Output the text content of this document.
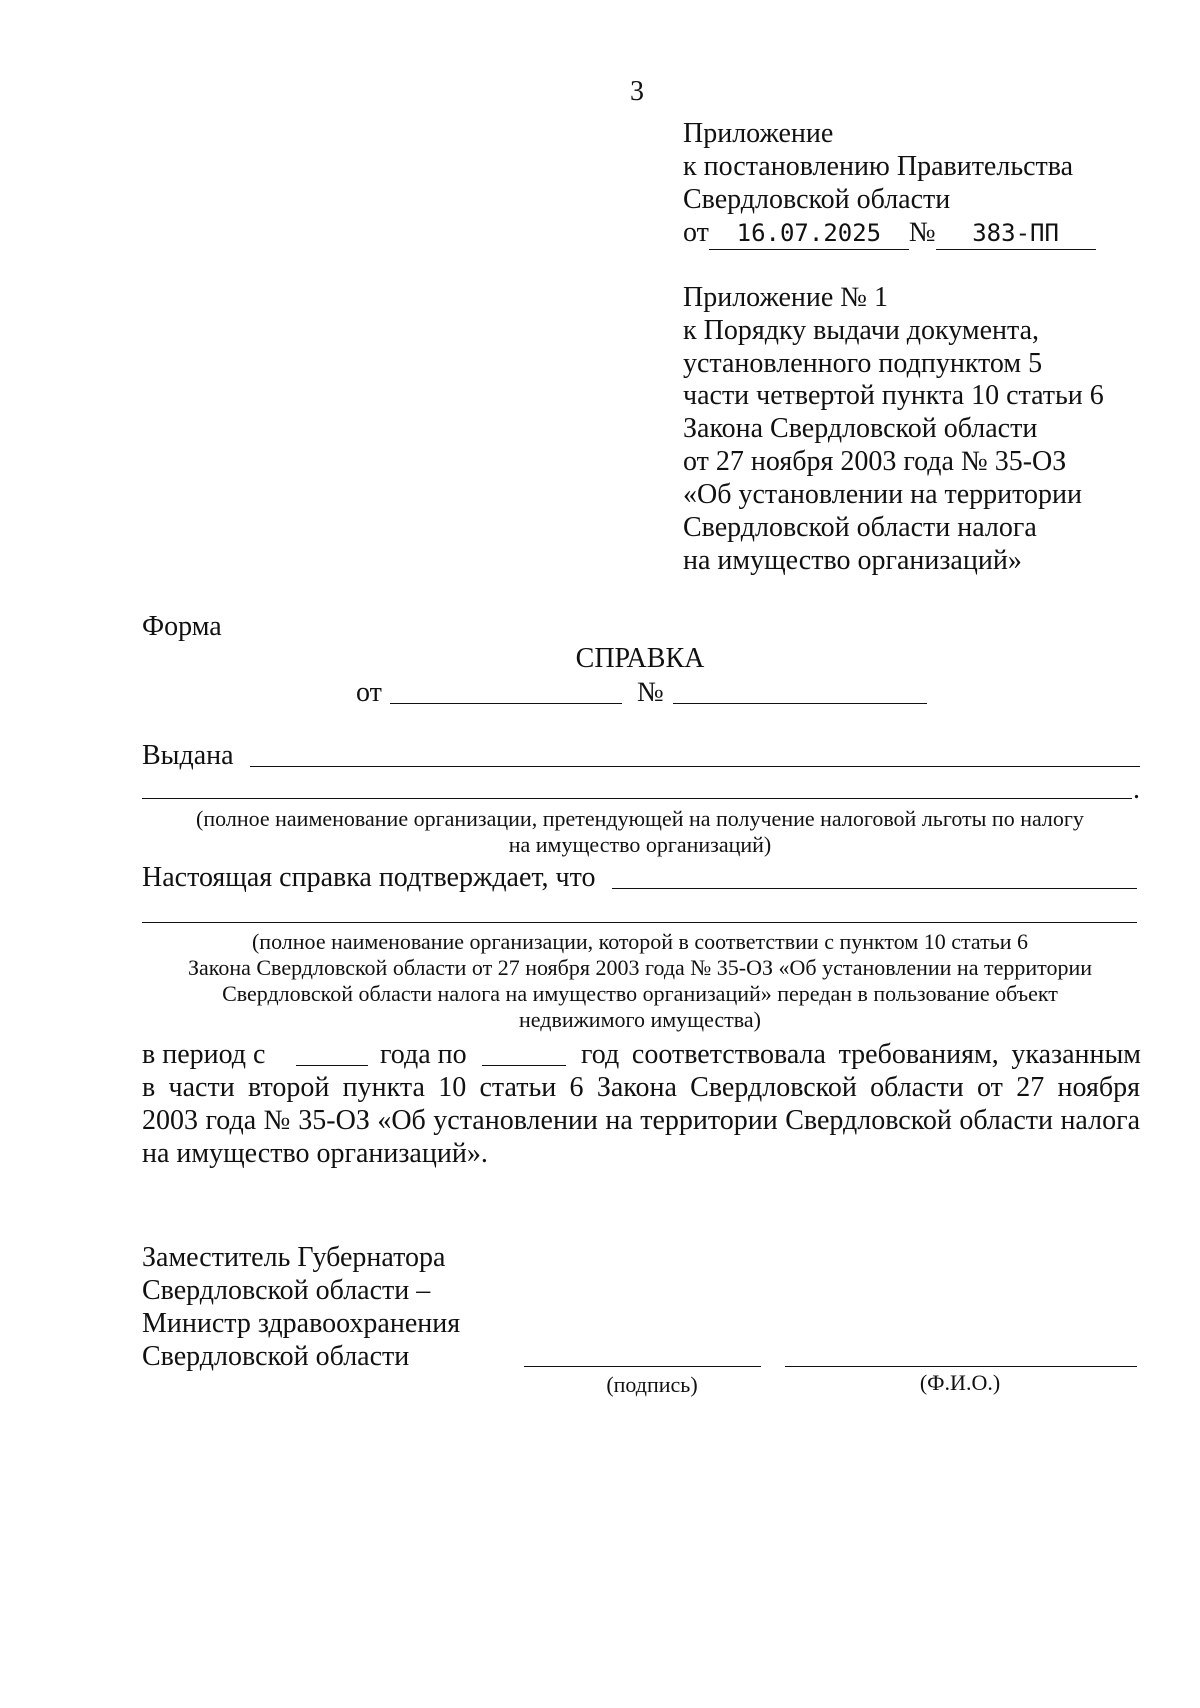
3
Приложение
к постановлению Правительства
Свердловской области
от 16.07.2025 № 383-ПП
Приложение № 1
к Порядку выдачи документа,
установленного подпунктом 5
части четвертой пункта 10 статьи 6
Закона Свердловской области
от 27 ноября 2003 года № 35-ОЗ
«Об установлении на территории
Свердловской области налога
на имущество организаций»
Форма
СПРАВКА
от	№
Выдана
.
(полное наименование организации, претендующей на получение налоговой льготы по налогу
на имущество организаций)
Настоящая справка подтверждает, что
(полное наименование организации, которой в соответствии с пунктом 10 статьи 6
Закона Свердловской области от 27 ноября 2003 года № 35-ОЗ «Об установлении на территории
Свердловской области налога на имущество организаций» передан в пользование объект
недвижимого имущества)
в период с	года по	год соответствовала требованиям, указанным
в части второй пункта 10 статьи 6 Закона Свердловской области от 27 ноября
2003 года № 35-ОЗ «Об установлении на территории Свердловской области налога
на имущество организаций».
Заместитель Губернатора
Свердловской области –
Министр здравоохранения
Свердловской области
(подпись)	(Ф.И.О.)
